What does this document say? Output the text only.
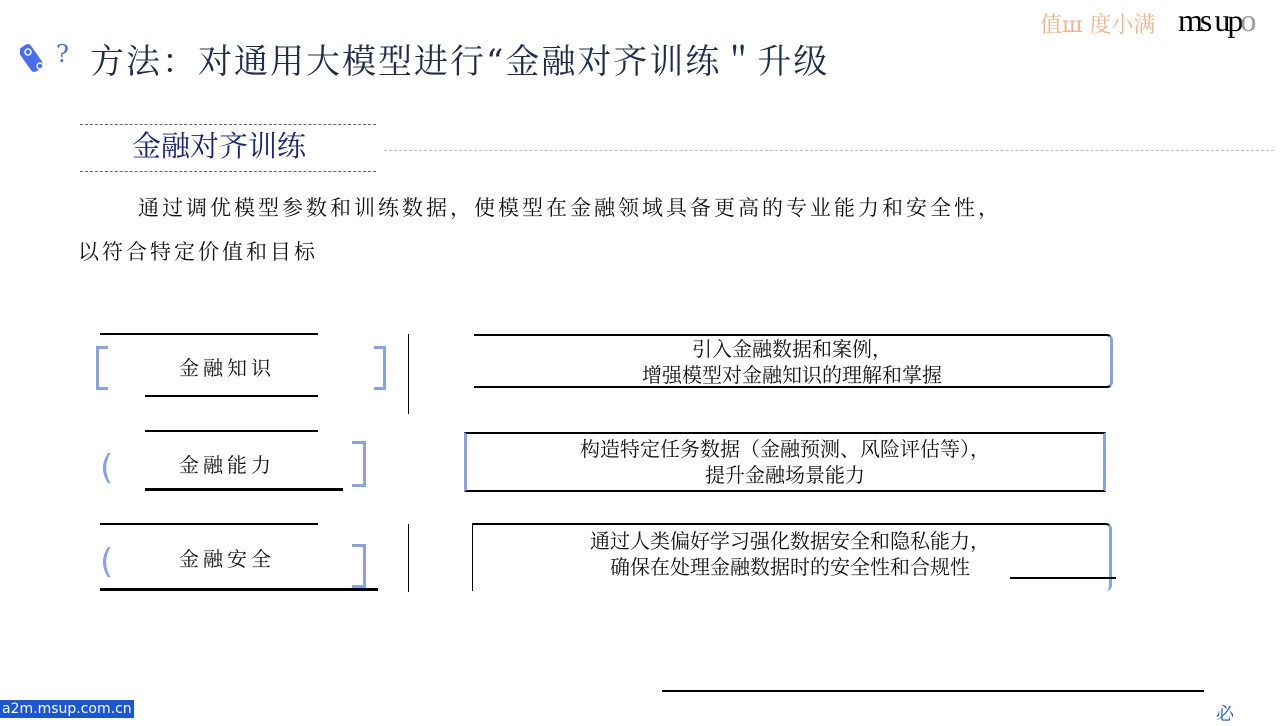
? 方法：对通用大模型进行“金融对齐训练＂升级
值ш 度小满 ms upo
金融对齐训练
通过调优模型参数和训练数据，使模型在金融领域具备更高的专业能力和安全性，
以符合特定价值和目标
金融知识
引入金融数据和案例，
增强模型对金融知识的理解和掌握
(	金融能力
构造特定任务数据（金融预测、风险评估等），
提升金融场景能力
(	金融安全
通过人类偏好学习强化数据安全和隐私能力，
确保在处理金融数据时的安全性和合规性
a2m.msup.com.cn	必
